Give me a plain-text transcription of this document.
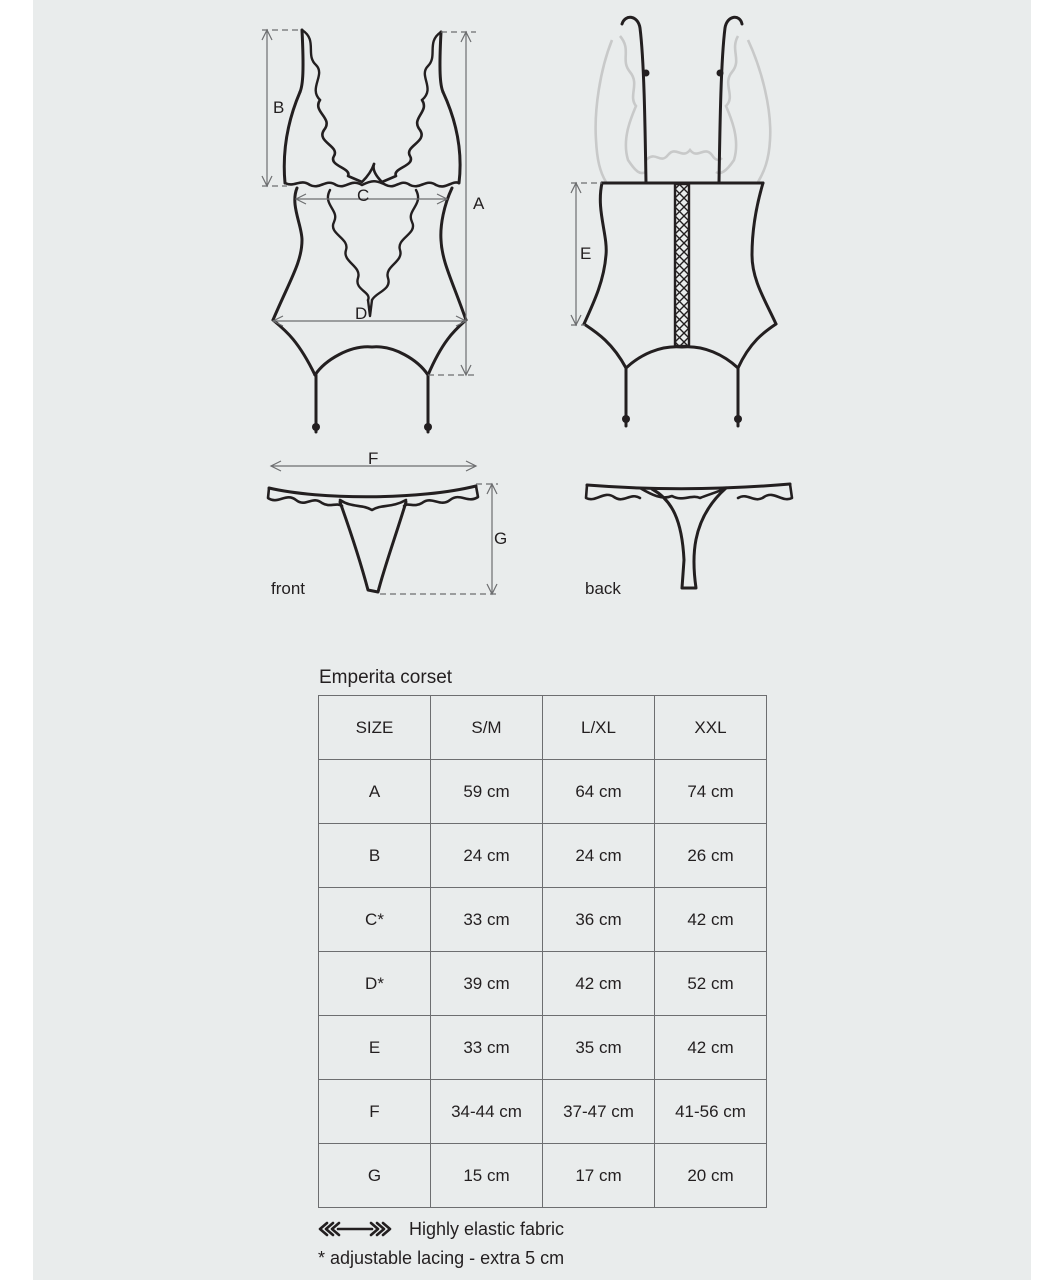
B
A
C
D
E
F
G
front	back
Emperita corset
SIZE	S/M	L/XL	XXL
A	59 cm	64 cm	74 cm
B	24 cm	24 cm	26 cm
C*	33 cm	36 cm	42 cm
D*	39 cm	42 cm	52 cm
E	33 cm	35 cm	42 cm
F	34-44 cm	37-47 cm	41-56 cm
G	15 cm	17 cm	20 cm
Highly elastic fabric
* adjustable lacing - extra 5 cm
